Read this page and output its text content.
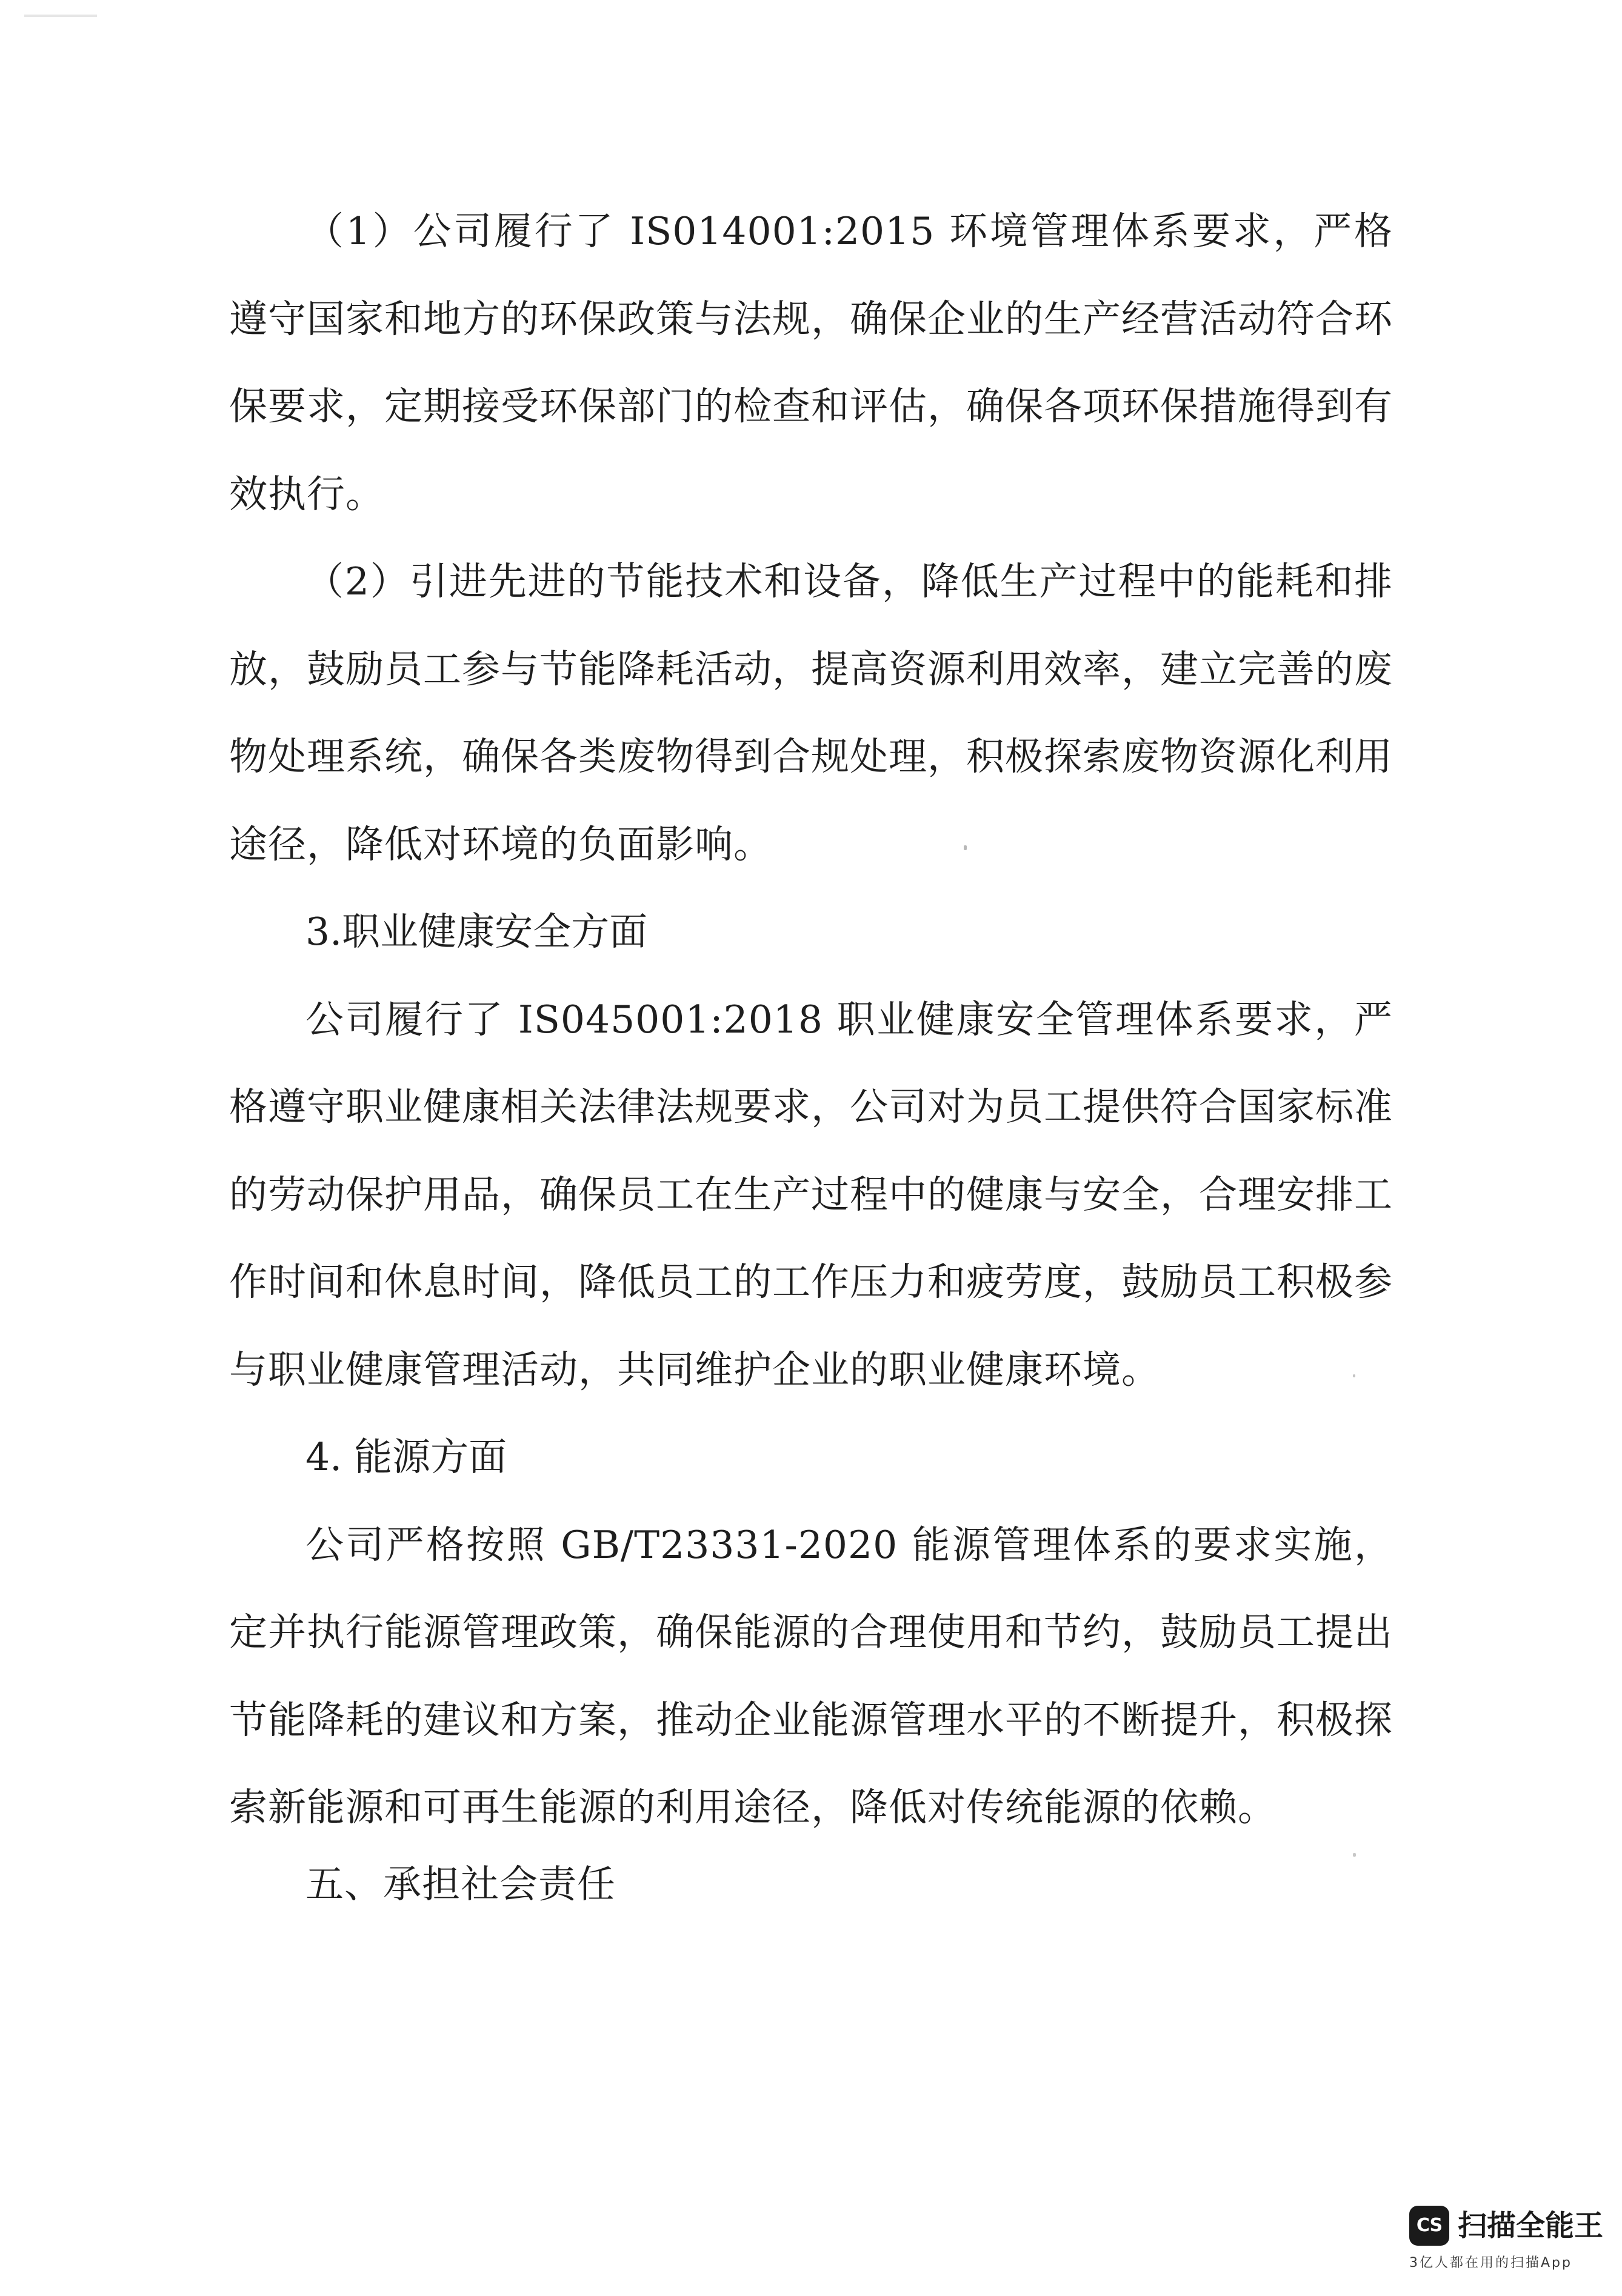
（1）公司履行了 IS014001:2015 环境管理体系要求，严格遵守国家和地方的环保政策与法规，确保企业的生产经营活动符合环保要求，定期接受环保部门的检查和评估，确保各项环保措施得到有效执行。

（2）引进先进的节能技术和设备，降低生产过程中的能耗和排放，鼓励员工参与节能降耗活动，提高资源利用效率，建立完善的废物处理系统，确保各类废物得到合规处理，积极探索废物资源化利用途径，降低对环境的负面影响。

3.职业健康安全方面

公司履行了 IS045001:2018 职业健康安全管理体系要求，严格遵守职业健康相关法律法规要求，公司对为员工提供符合国家标准的劳动保护用品，确保员工在生产过程中的健康与安全，合理安排工作时间和休息时间，降低员工的工作压力和疲劳度，鼓励员工积极参与职业健康管理活动，共同维护企业的职业健康环境。

4. 能源方面

公司严格按照 GB/T23331-2020 能源管理体系的要求实施，定并执行能源管理政策，确保能源的合理使用和节约，鼓励员工提出节能降耗的建议和方案，推动企业能源管理水平的不断提升，积极探索新能源和可再生能源的利用途径，降低对传统能源的依赖。

五、承担社会责任
CS 扫描全能王
3亿人都在用的扫描App
